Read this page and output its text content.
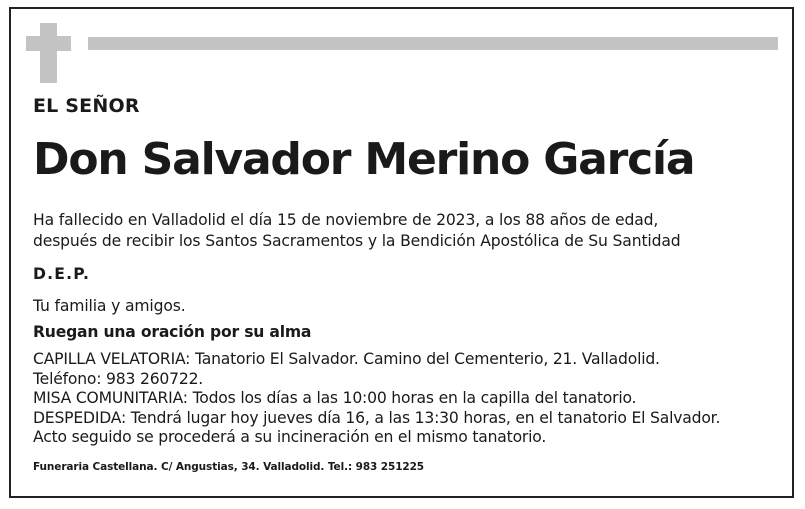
EL SEÑOR

Don Salvador Merino García

Ha fallecido en Valladolid el día 15 de noviembre de 2023, a los 88 años de edad,

después de recibir los Santos Sacramentos y la Bendición Apostólica de Su Santidad

D.E.P.

Tu familia y amigos.

Ruegan una oración por su alma

CAPILLA VELATORIA: Tanatorio El Salvador. Camino del Cementerio, 21. Valladolid.
Teléfono: 983 260722.
MISA COMUNITARIA: Todos los días a las 10:00 horas en la capilla del tanatorio.
DESPEDIDA: Tendrá lugar hoy jueves día 16, a las 13:30 horas, en el tanatorio El Salvador.
Acto seguido se procederá a su incineración en el mismo tanatorio.

Funeraria Castellana. C/ Angustias, 34. Valladolid. Tel.: 983 251225
